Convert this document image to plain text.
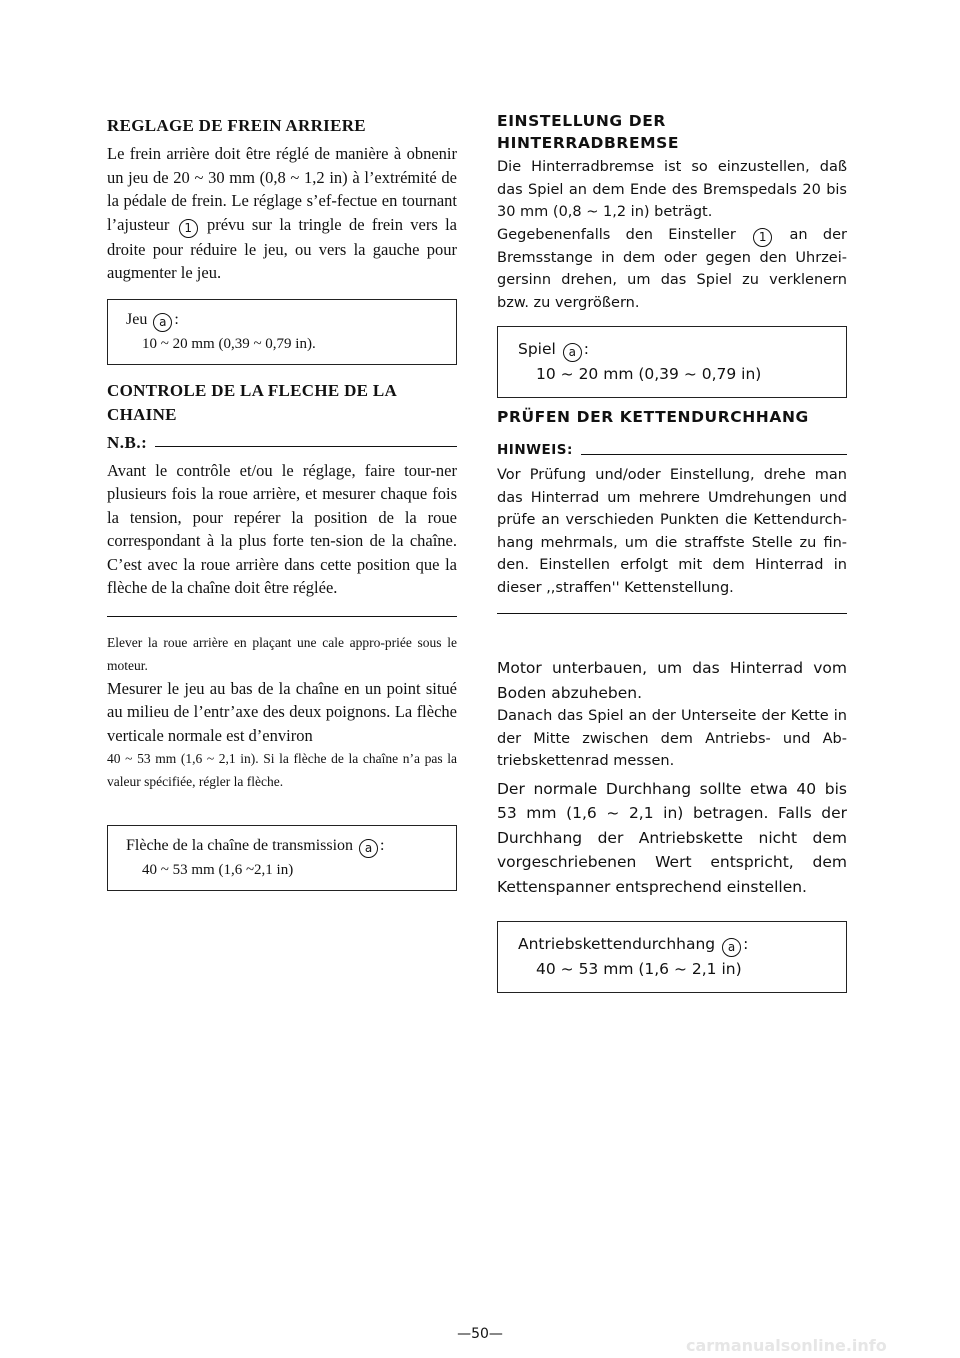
REGLAGE DE FREIN ARRIERE

Le frein arrière doit être réglé de manière à obnenir un jeu de 20 ~ 30 mm (0,8 ~ 1,2 in) à l’extrémité de la pédale de frein. Le réglage s’ef-fectue en tournant l’ajusteur 1 prévu sur la tringle de frein vers la droite pour réduire le jeu, ou vers la gauche pour augmenter le jeu.

Jeu a :
10 ~ 20 mm (0,39 ~ 0,79 in).
CONTROLE DE LA FLECHE DE LA CHAINE
N.B.:

Avant le contrôle et/ou le réglage, faire tour-ner plusieurs fois la roue arrière, et mesurer chaque fois la tension, pour repérer la position de la roue correspondant à la plus forte ten-sion de la chaîne. C’est avec la roue arrière dans cette position que la flèche de la chaîne doit être réglée.

Elever la roue arrière en plaçant une cale appro-priée sous le moteur.

Mesurer le jeu au bas de la chaîne en un point situé au milieu de l’entr’axe des deux poignons. La flèche verticale normale est d’environ

40 ~ 53 mm (1,6 ~ 2,1 in). Si la flèche de la chaîne n’a pas la valeur spécifiée, régler la flèche.

Flèche de la chaîne de transmission a :
40 ~ 53 mm (1,6 ~2,1 in)
EINSTELLUNG DER HINTERRADBREMSE

Die Hinterradbremse ist so einzustellen, daß das Spiel an dem Ende des Bremspedals 20 bis 30 mm (0,8 ~ 1,2 in) beträgt.

Gegebenenfalls den Einsteller 1 an der Bremsstange in dem oder gegen den Uhrzei-gersinn drehen, um das Spiel zu verklenern bzw. zu vergrößern.

Spiel a :
10 ~ 20 mm (0,39 ~ 0,79 in)
PRÜFEN DER KETTENDURCHHANG
HINWEIS:

Vor Prüfung und/oder Einstellung, drehe man das Hinterrad um mehrere Umdrehungen und prüfe an verschieden Punkten die Kettendurch-hang mehrmals, um die straffste Stelle zu fin-den. Einstellen erfolgt mit dem Hinterrad in dieser ,,straffen'' Kettenstellung.

Motor unterbauen, um das Hinterrad vom Boden abzuheben.

Danach das Spiel an der Unterseite der Kette in der Mitte zwischen dem Antriebs- und Ab-triebskettenrad messen.

Der normale Durchhang sollte etwa 40 bis 53 mm (1,6 ~ 2,1 in) betragen. Falls der Durchhang der Antriebskette nicht dem vorgeschriebenen Wert entspricht, dem Kettenspanner entsprechend einstellen.

Antriebskettendurchhang a :
40 ~ 53 mm (1,6 ~ 2,1 in)
—50—
carmanualsonline.info
